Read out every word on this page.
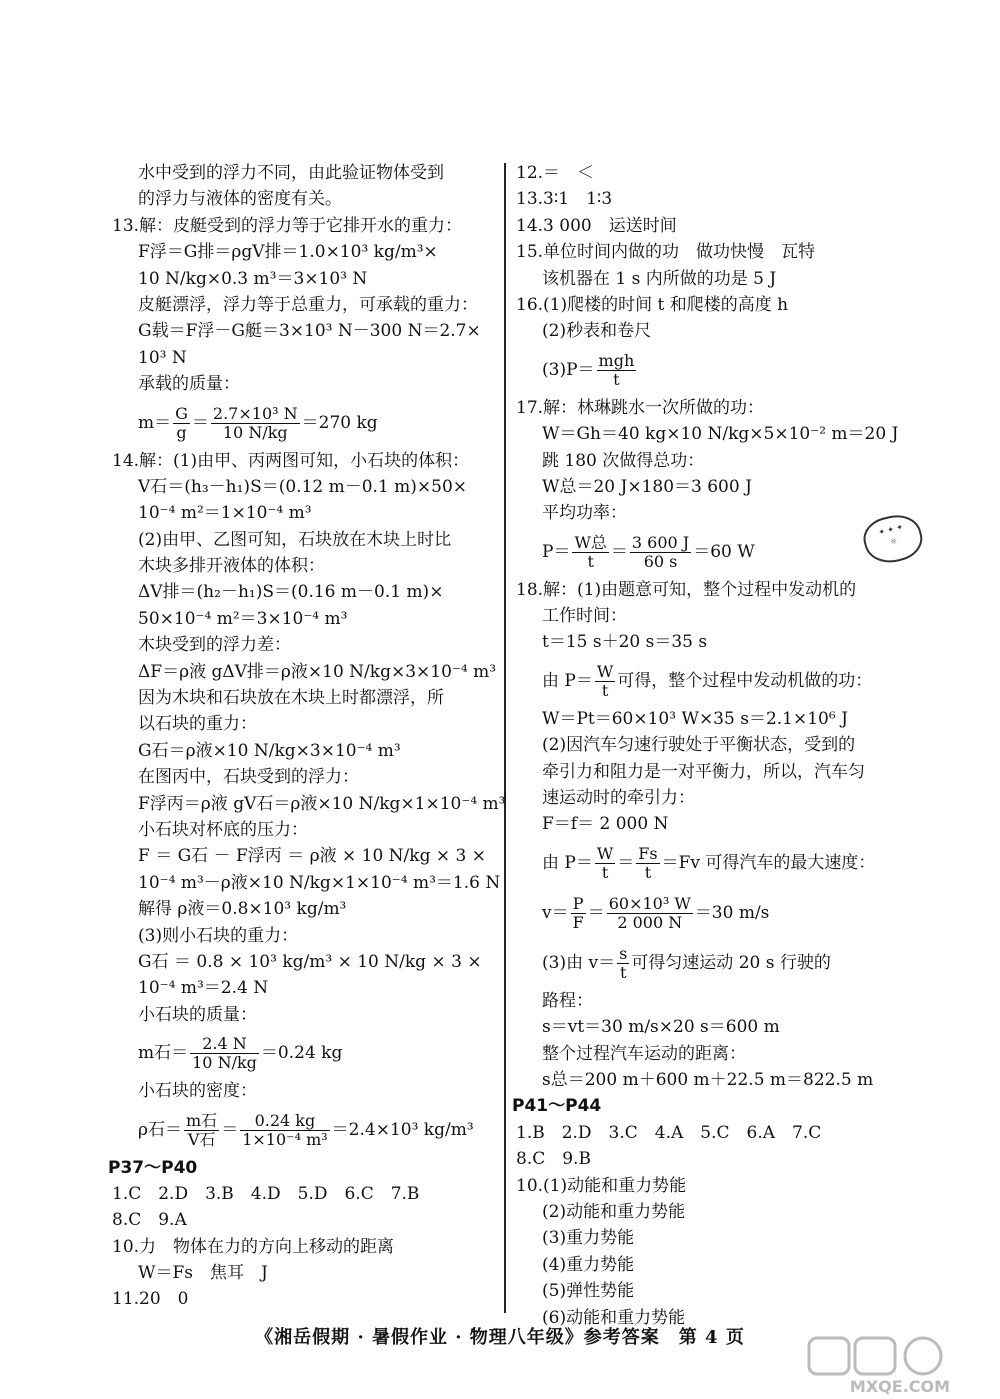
水中受到的浮力不同，由此验证物体受到
的浮力与液体的密度有关。
13.解：皮艇受到的浮力等于它排开水的重力：
F浮＝G排＝ρgV排＝1.0×10³ kg/m³×
10 N/kg×0.3 m³＝3×10³ N
皮艇漂浮，浮力等于总重力，可承载的重力：
G载＝F浮－G艇＝3×10³ N－300 N＝2.7×
10³ N
承载的质量：
$m= \frac{G}{g} = \frac{\text{2.7×10³ N}}{10 N/kg} =270$ kg
14.解：(1)由甲、丙两图可知，小石块的体积：
V石＝(h₃－h₁)S＝(0.12 m－0.1 m)×50×
10⁻⁴ m²＝1×10⁻⁴ m³
(2)由甲、乙图可知，石块放在木块上时比
木块多排开液体的体积：
ΔV排＝(h₂－h₁)S＝(0.16 m－0.1 m)×
50×10⁻⁴ m²＝3×10⁻⁴ m³
木块受到的浮力差：
ΔF＝ρ液 gΔV排＝ρ液×10 N/kg×3×10⁻⁴ m³
因为木块和石块放在木块上时都漂浮，所
以石块的重力：
G石＝ρ液×10 N/kg×3×10⁻⁴ m³
在图丙中，石块受到的浮力：
F浮丙＝ρ液 gV石＝ρ液×10 N/kg×1×10⁻⁴ m³
小石块对杯底的压力：
F ＝ G石 － F浮丙 ＝ ρ液 × 10 N/kg × 3 ×
10⁻⁴ m³－ρ液×10 N/kg×1×10⁻⁴ m³＝1.6 N
解得 ρ液＝0.8×10³ kg/m³
(3)则小石块的重力：
G石 ＝ 0.8 × 10³ kg/m³ × 10 N/kg × 3 ×
10⁻⁴ m³＝2.4 N
小石块的质量：
m石＝ $\frac{2.4 N}{10 N/kg} =0.24$ kg
小石块的密度：
ρ石＝ $\frac{\text{m石}}{\text{V石}} = \frac{0.24 kg}{\text{1×10⁻⁴ m³}} =2.4\times 10^3$ kg/m³
P37～P40
1.C　2.D　3.B　4.D　5.D　6.C　7.B
8.C　9.A
10.力　物体在力的方向上移动的距离
W＝Fs　焦耳　J
11.20　0
12.＝　＜
13.3∶1　1∶3
14.3 000　运送时间
15.单位时间内做的功　做功快慢　瓦特
该机器在 1 s 内所做的功是 5 J
16.(1)爬楼的时间 t 和爬楼的高度 h
(2)秒表和卷尺
$(3)P= \frac{\text{mgh}}{t}$
17.解：林琳跳水一次所做的功：
W＝Gh＝40 kg×10 N/kg×5×10⁻² m＝20 J
跳 180 次做得总功：
W总＝20 J×180＝3 600 J
平均功率：
$P= \frac{\text{W总}}{t} = \frac{3 600 J}{60 s} =60$ W
18.解：(1)由题意可知，整个过程中发动机的
工作时间：
t＝15 s＋20 s＝35 s
由 $P= \frac{W}{t}$ 可得，整个过程中发动机做的功：
W＝Pt＝60×10³ W×35 s＝2.1×10⁶ J
(2)因汽车匀速行驶处于平衡状态，受到的
牵引力和阻力是一对平衡力，所以，汽车匀
速运动时的牵引力：
F＝f＝ 2 000 N
由 $P= \frac{W}{t} = \frac{Fs}{t} =Fv$ 可得汽车的最大速度：
$v= \frac{P}{F} = \frac{\text{60×10³ W}}{2 000 N} =30$ m/s
(3)由 $v= \frac{s}{t}$ 可得匀速运动 20 s 行驶的
路程：
s＝vt＝30 m/s×20 s＝600 m
整个过程汽车运动的距离：
s总＝200 m＋600 m＋22.5 m＝822.5 m
P41～P44
1.B　2.D　3.C　4.A　5.C　6.A　7.C
8.C　9.B
10.(1)动能和重力势能
(2)动能和重力势能
(3)重力势能
(4)重力势能
(5)弹性势能
(6)动能和重力势能
✦ ✦ ✦
☼
《湘岳假期 · 暑假作业 · 物理八年级》参考答案　第 4 页
MXQE.COM
